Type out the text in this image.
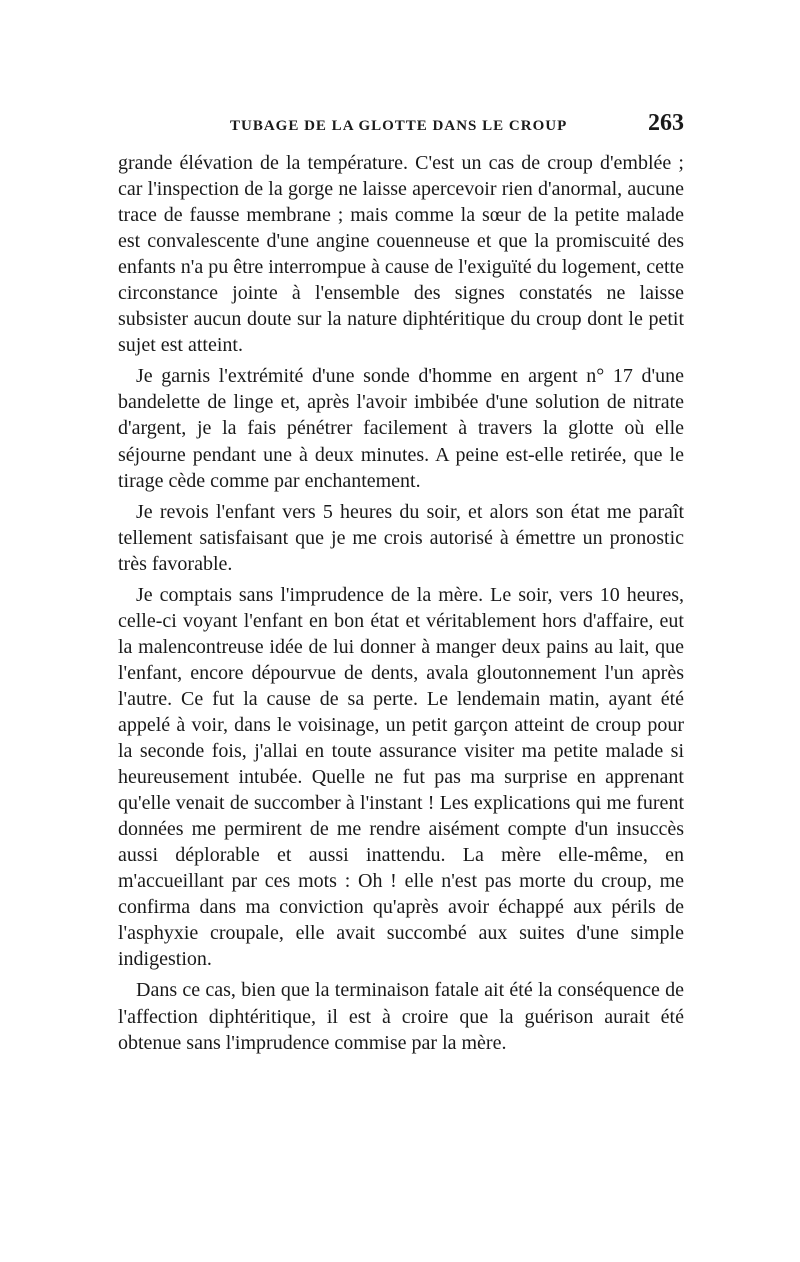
TUBAGE DE LA GLOTTE DANS LE CROUP	263

grande élévation de la température. C'est un cas de croup d'emblée ; car l'inspection de la gorge ne laisse apercevoir rien d'anormal, aucune trace de fausse membrane ; mais comme la sœur de la petite malade est convalescente d'une angine couenneuse et que la promiscuité des enfants n'a pu être interrompue à cause de l'exiguïté du logement, cette circonstance jointe à l'ensemble des signes constatés ne laisse subsister aucun doute sur la nature diphtéritique du croup dont le petit sujet est atteint.

Je garnis l'extrémité d'une sonde d'homme en argent n° 17 d'une bandelette de linge et, après l'avoir imbibée d'une solution de nitrate d'argent, je la fais pénétrer facilement à travers la glotte où elle séjourne pendant une à deux minutes. A peine est-elle retirée, que le tirage cède comme par enchantement.

Je revois l'enfant vers 5 heures du soir, et alors son état me paraît tellement satisfaisant que je me crois autorisé à émettre un pronostic très favorable.

Je comptais sans l'imprudence de la mère. Le soir, vers 10 heures, celle-ci voyant l'enfant en bon état et véritablement hors d'affaire, eut la malencontreuse idée de lui donner à manger deux pains au lait, que l'enfant, encore dépourvue de dents, avala gloutonnement l'un après l'autre. Ce fut la cause de sa perte. Le lendemain matin, ayant été appelé à voir, dans le voisinage, un petit garçon atteint de croup pour la seconde fois, j'allai en toute assurance visiter ma petite malade si heureusement intubée. Quelle ne fut pas ma surprise en apprenant qu'elle venait de succomber à l'instant ! Les explications qui me furent données me permirent de me rendre aisément compte d'un insuccès aussi déplorable et aussi inattendu. La mère elle-même, en m'accueillant par ces mots : Oh ! elle n'est pas morte du croup, me confirma dans ma conviction qu'après avoir échappé aux périls de l'asphyxie croupale, elle avait succombé aux suites d'une simple indigestion.

Dans ce cas, bien que la terminaison fatale ait été la conséquence de l'affection diphtéritique, il est à croire que la guérison aurait été obtenue sans l'imprudence commise par la mère.
